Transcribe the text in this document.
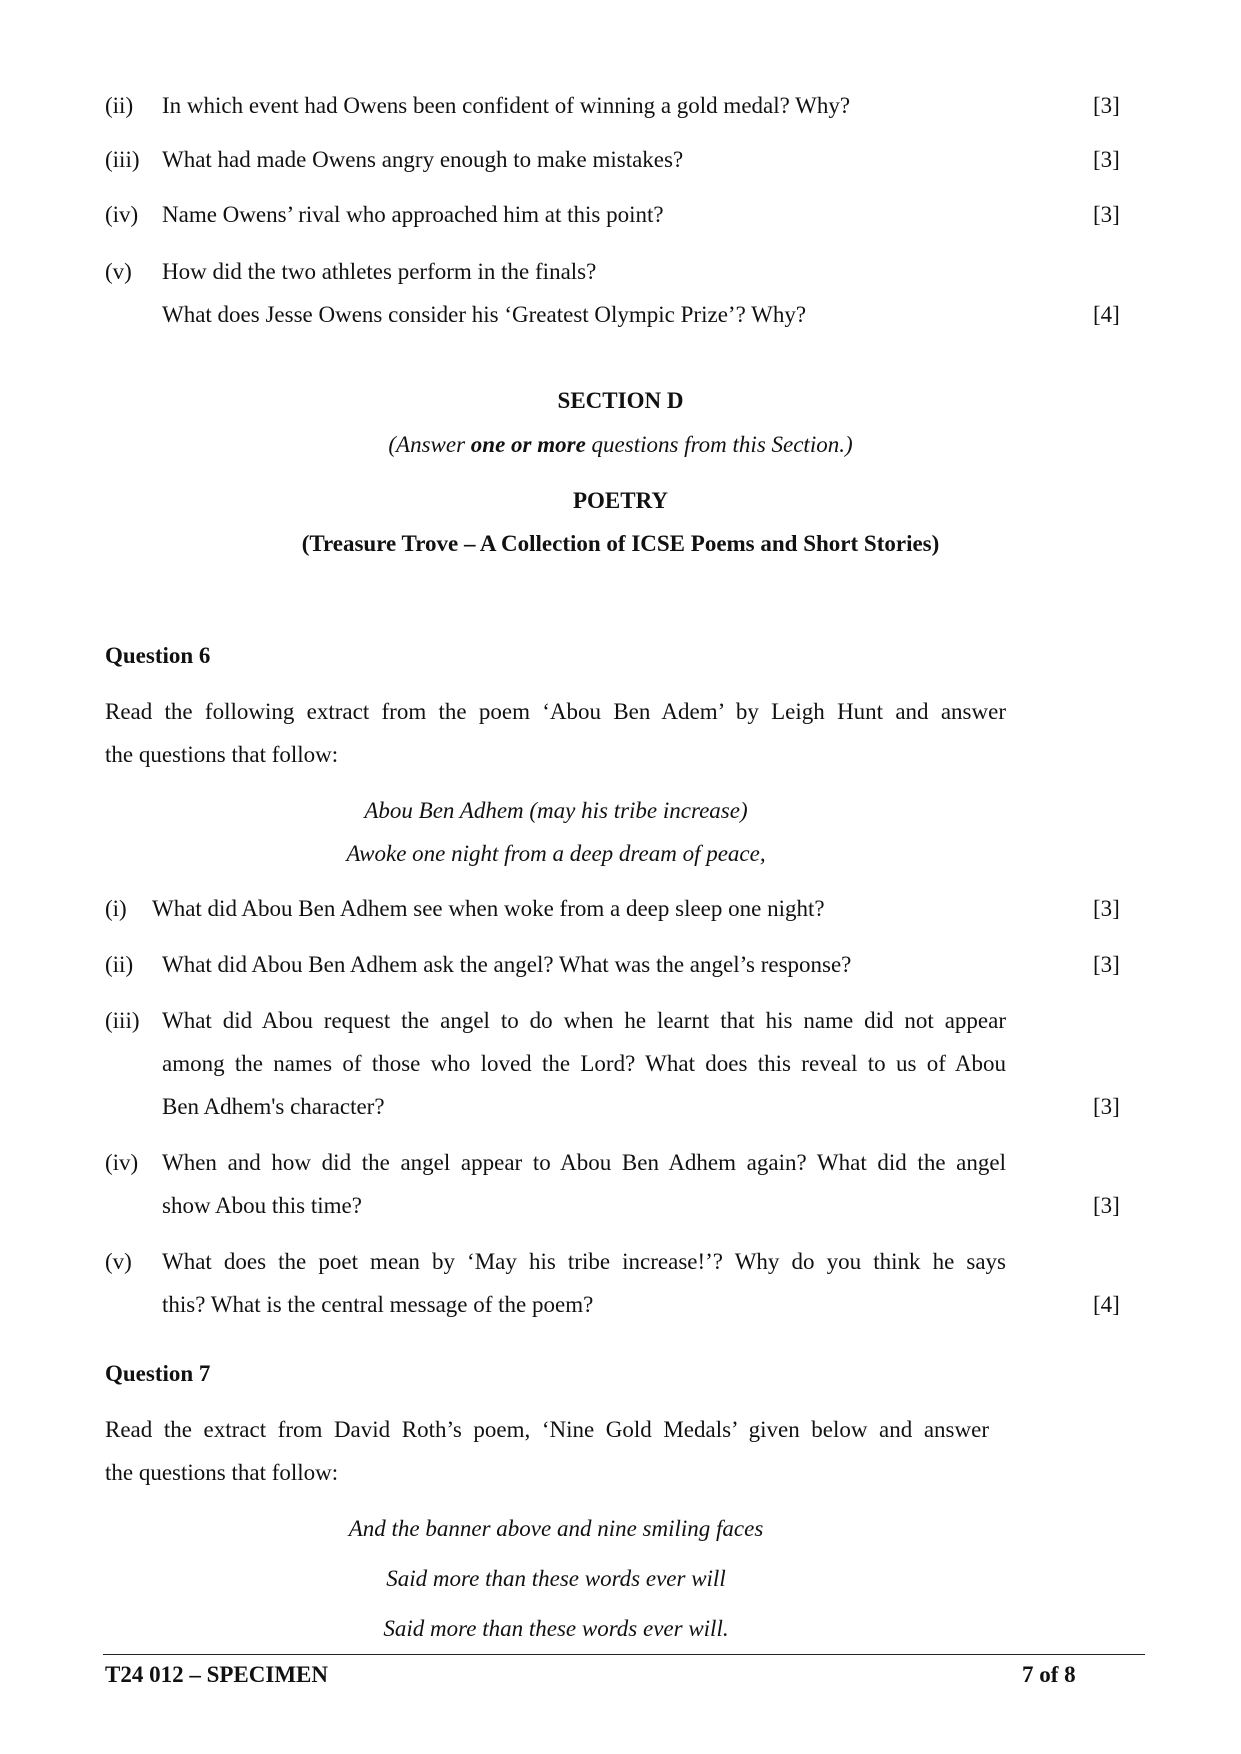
(ii) In which event had Owens been confident of winning a gold medal? Why?	[3]
(iii) What had made Owens angry enough to make mistakes?	[3]
(iv) Name Owens’ rival who approached him at this point?	[3]
(v) How did the two athletes perform in the finals?
What does Jesse Owens consider his ‘Greatest Olympic Prize’? Why?	[4]
SECTION D
(Answer one or more questions from this Section.)
POETRY
(Treasure Trove – A Collection of ICSE Poems and Short Stories)
Question 6
Read the following extract from the poem ‘Abou Ben Adem’ by Leigh Hunt and answer
the questions that follow:
Abou Ben Adhem (may his tribe increase)
Awoke one night from a deep dream of peace,
(i) What did Abou Ben Adhem see when woke from a deep sleep one night?	[3]
(ii) What did Abou Ben Adhem ask the angel? What was the angel’s response?	[3]
(iii) What did Abou request the angel to do when he learnt that his name did not appear
among the names of those who loved the Lord? What does this reveal to us of Abou
Ben Adhem's character?	[3]
(iv) When and how did the angel appear to Abou Ben Adhem again? What did the angel
show Abou this time?	[3]
(v) What does the poet mean by ‘May his tribe increase!’? Why do you think he says
this? What is the central message of the poem?	[4]
Question 7
Read the extract from David Roth’s poem, ‘Nine Gold Medals’ given below and answer
the questions that follow:
And the banner above and nine smiling faces
Said more than these words ever will
Said more than these words ever will.
T24 012 – SPECIMEN	7 of 8
